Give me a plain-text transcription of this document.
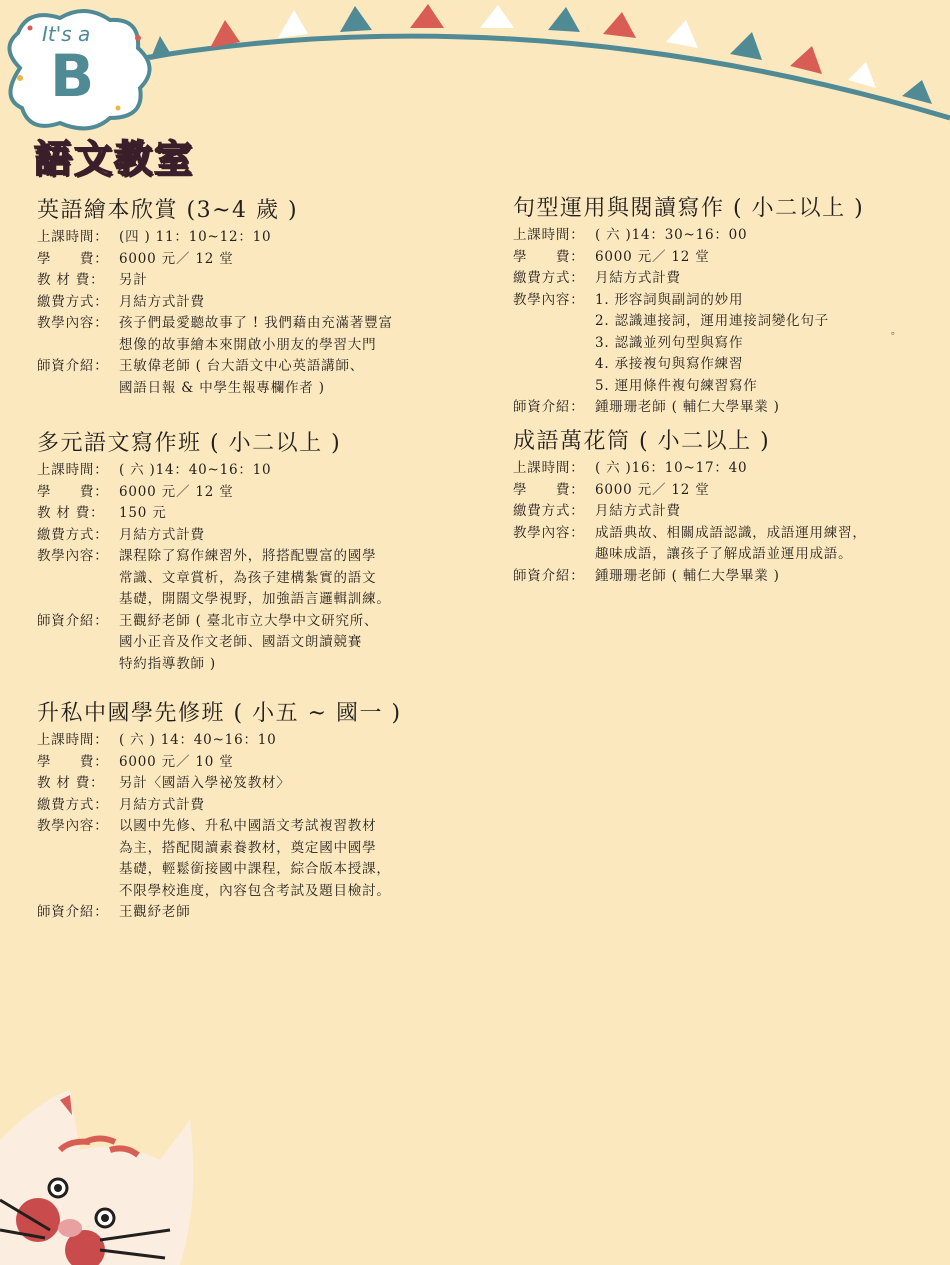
It's a
B
語文教室
英語繪本欣賞 (3~4 歲 )
上課時間： (四 ) 11：10~12：10
學　　費： 6000 元／ 12 堂
教 材 費：	另計
繳費方式： 月結方式計費
教學內容： 孩子們最愛聽故事了 ! 我們藉由充滿著豐富
想像的故事繪本來開啟小朋友的學習大門
師資介紹： 王敏偉老師 ( 台大語文中心英語講師、
國語日報 & 中學生報專欄作者 )
多元語文寫作班 ( 小二以上 )
上課時間： ( 六 )14：40~16：10
學　　費： 6000 元／ 12 堂
教 材 費：	150 元
繳費方式： 月結方式計費
教學內容： 課程除了寫作練習外，將搭配豐富的國學
常識、文章賞析，為孩子建構紮實的語文
基礎，開闊文學視野，加強語言邏輯訓練。
師資介紹： 王觀紓老師 ( 臺北市立大學中文研究所、
國小正音及作文老師、國語文朗讀競賽
特約指導教師 )
升私中國學先修班 ( 小五 ~ 國一 )
上課時間： ( 六 ) 14：40~16：10
學　　費： 6000 元／ 10 堂
教 材 費：	另計〈國語入學祕笈教材〉
繳費方式： 月結方式計費
教學內容： 以國中先修、升私中國語文考試複習教材
為主，搭配閱讀素養教材，奠定國中國學
基礎，輕鬆銜接國中課程，綜合版本授課，
不限學校進度，內容包含考試及題目檢討。
師資介紹： 王觀紓老師
句型運用與閱讀寫作 ( 小二以上 )
上課時間： ( 六 )14：30~16：00
學　　費： 6000 元／ 12 堂
繳費方式： 月結方式計費
教學內容： 1. 形容詞與副詞的妙用
2. 認識連接詞，運用連接詞變化句子
3. 認識並列句型與寫作
4. 承接複句與寫作練習
5. 運用條件複句練習寫作
師資介紹： 鍾珊珊老師 ( 輔仁大學畢業 )
成語萬花筒 ( 小二以上 )
上課時間： ( 六 )16：10~17：40
學　　費： 6000 元／ 12 堂
繳費方式： 月結方式計費
教學內容： 成語典故、相關成語認識，成語運用練習，
趣味成語，讓孩子了解成語並運用成語。
師資介紹： 鍾珊珊老師 ( 輔仁大學畢業 )
。
